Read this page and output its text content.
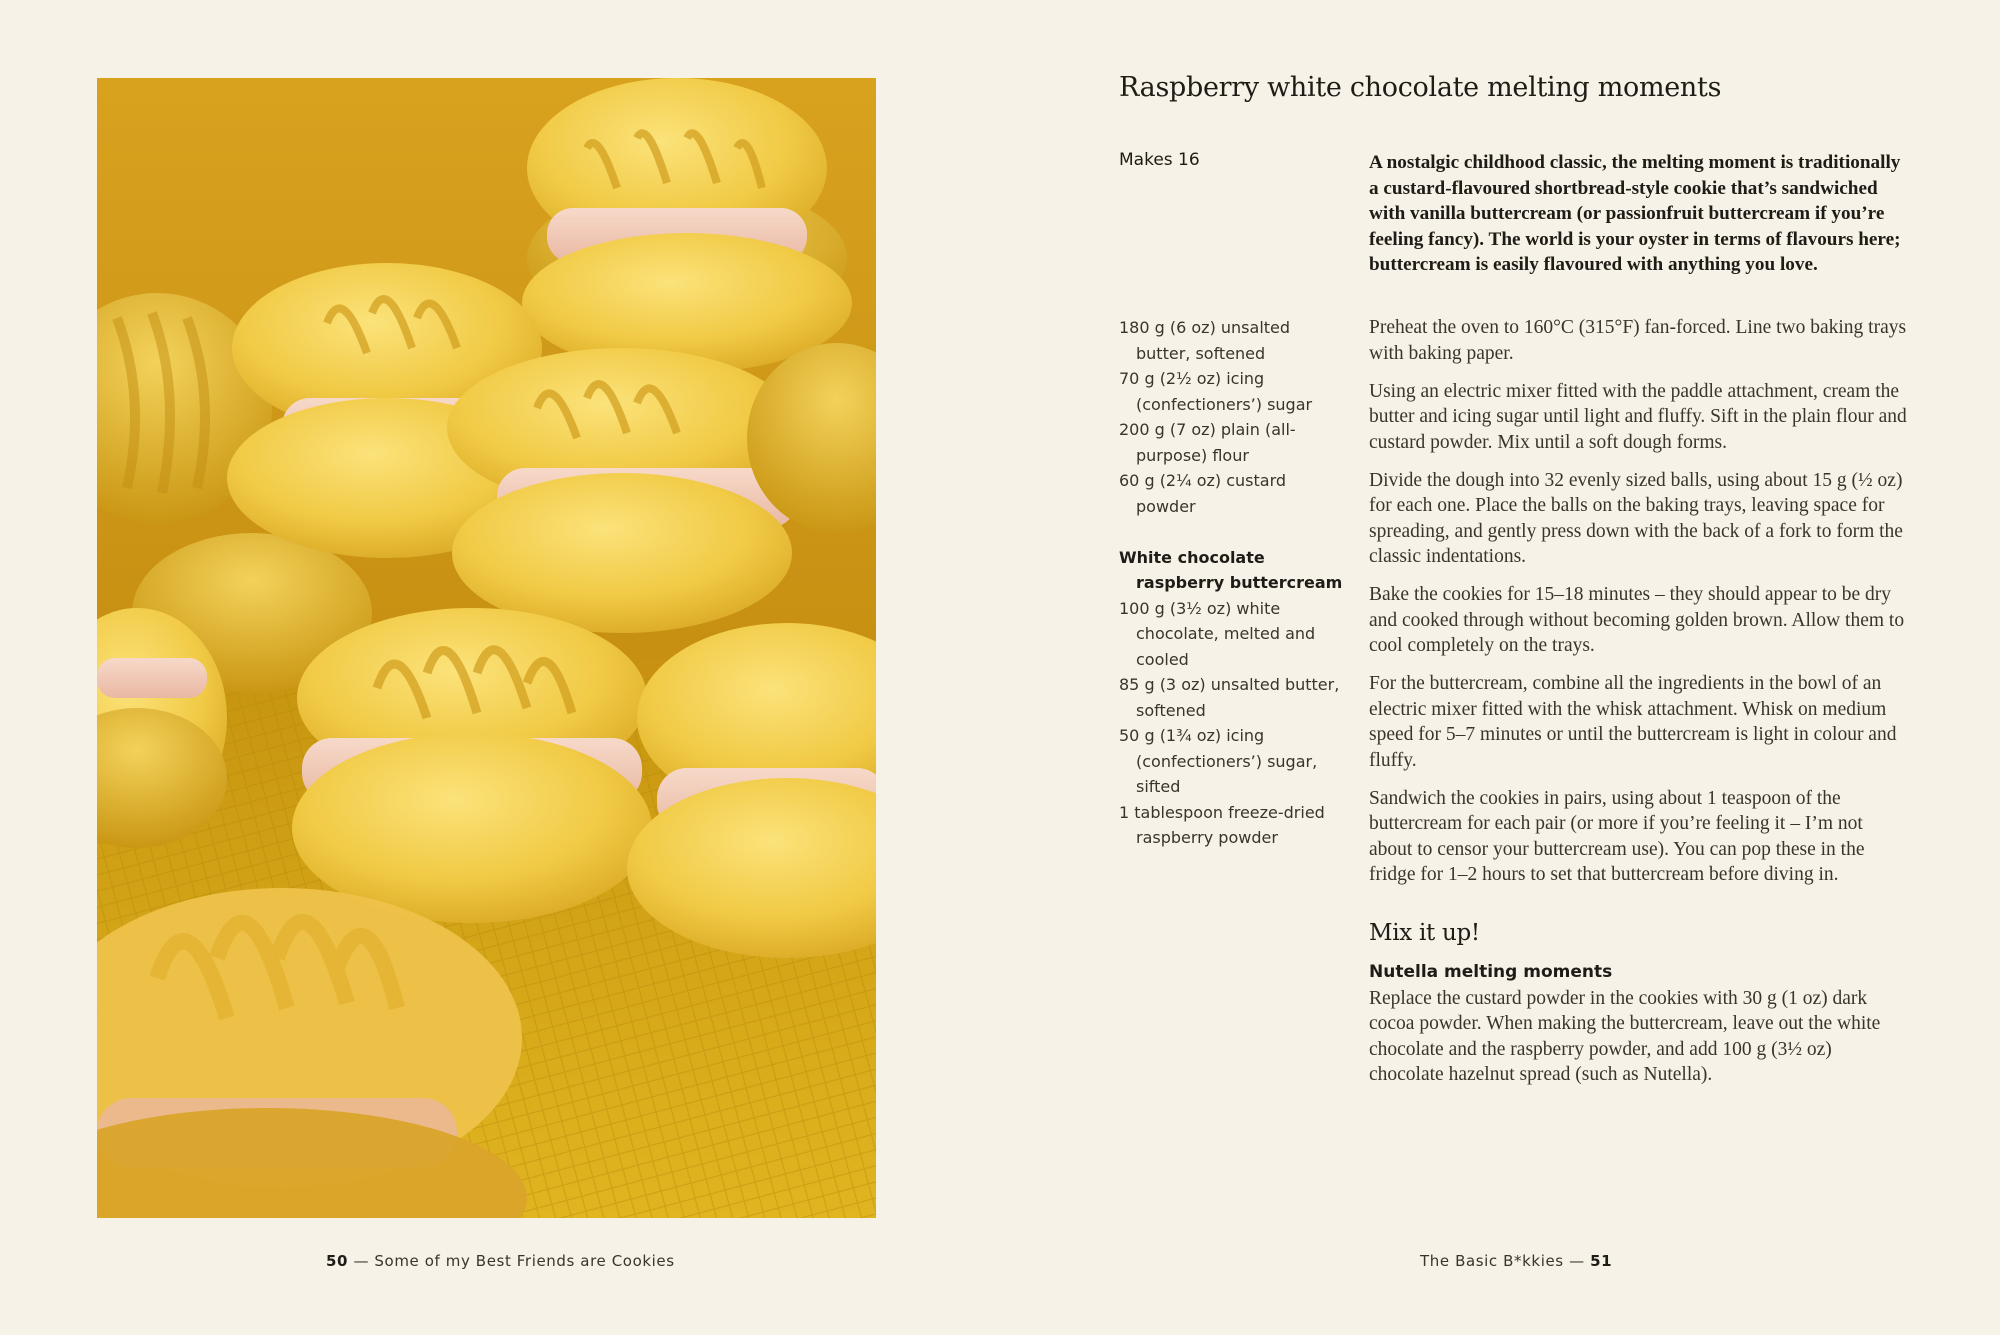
50 — Some of my Best Friends are Cookies
Raspberry white chocolate melting moments
Makes 16	A nostalgic childhood classic, the melting moment is traditionally a custard-flavoured shortbread-style cookie that’s sandwiched with vanilla buttercream (or passionfruit buttercream if you’re feeling fancy). The world is your oyster in terms of flavours here; buttercream is easily flavoured with anything you love.
180 g (6 oz) unsalted butter, softened
70 g (2½ oz) icing (confectioners’) sugar
200 g (7 oz) plain (all-purpose) flour
60 g (2¼ oz) custard powder
White chocolate raspberry buttercream
100 g (3½ oz) white chocolate, melted and cooled
85 g (3 oz) unsalted butter, softened
50 g (1¾ oz) icing (confectioners’) sugar, sifted
1 tablespoon freeze-dried raspberry powder

Preheat the oven to 160°C (315°F) fan-forced. Line two baking trays with baking paper.

Using an electric mixer fitted with the paddle attachment, cream the butter and icing sugar until light and fluffy. Sift in the plain flour and custard powder. Mix until a soft dough forms.

Divide the dough into 32 evenly sized balls, using about 15 g (½ oz) for each one. Place the balls on the baking trays, leaving space for spreading, and gently press down with the back of a fork to form the classic indentations.

Bake the cookies for 15–18 minutes – they should appear to be dry and cooked through without becoming golden brown. Allow them to cool completely on the trays.

For the buttercream, combine all the ingredients in the bowl of an electric mixer fitted with the whisk attachment. Whisk on medium speed for 5–7 minutes or until the buttercream is light in colour and fluffy.

Sandwich the cookies in pairs, using about 1 teaspoon of the buttercream for each pair (or more if you’re feeling it – I’m not about to censor your buttercream use). You can pop these in the fridge for 1–2 hours to set that buttercream before diving in.

Mix it up!
Nutella melting moments
Replace the custard powder in the cookies with 30 g (1 oz) dark cocoa powder. When making the buttercream, leave out the white chocolate and the raspberry powder, and add 100 g (3½ oz) chocolate hazelnut spread (such as Nutella).
The Basic B*kkies — 51
